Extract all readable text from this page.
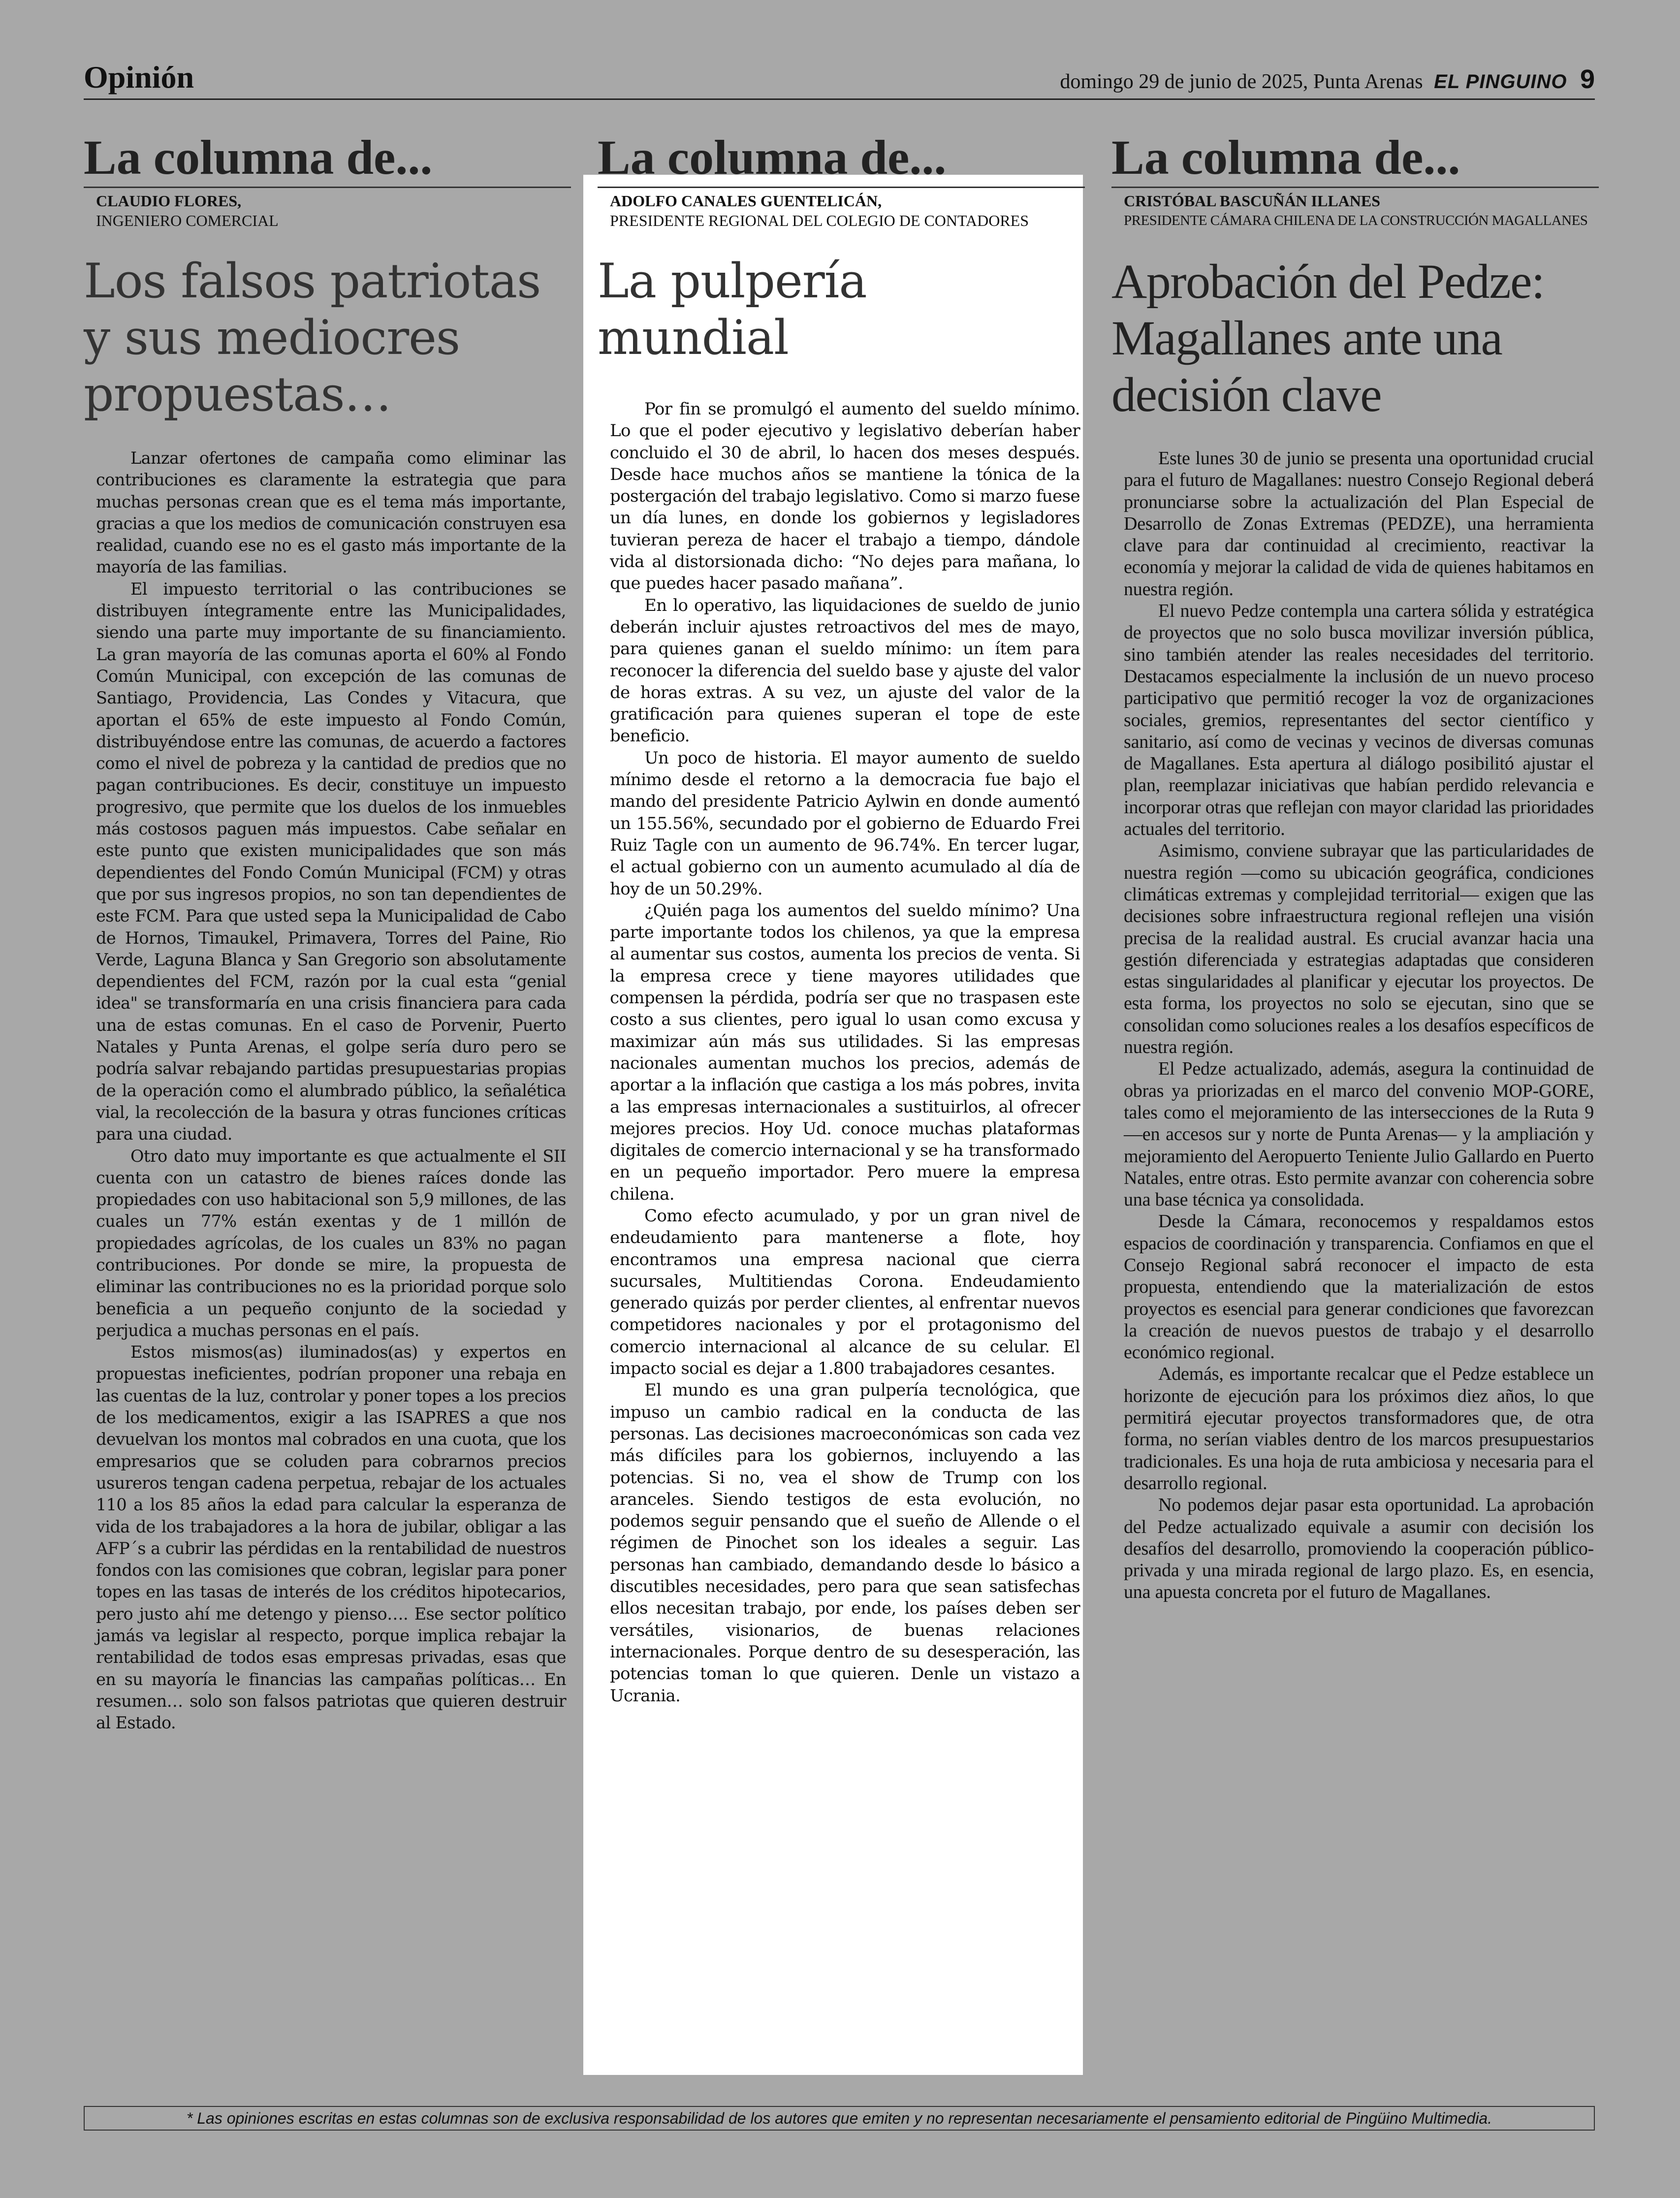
Opinión	domingo 29 de junio de 2025, Punta Arenas EL PINGUINO 9
La columna de...
CLAUDIO FLORES,
INGENIERO COMERCIAL
Los falsos patriotas y sus mediocres propuestas…

Lanzar ofertones de campaña como eliminar las contribuciones es claramente la estrategia que para muchas personas crean que es el tema más importante, gracias a que los medios de comunicación construyen esa realidad, cuando ese no es el gasto más importante de la mayoría de las familias.

El impuesto territorial o las contribuciones se distribuyen íntegramente entre las Municipalidades, siendo una parte muy importante de su financiamiento. La gran mayoría de las comunas aporta el 60% al Fondo Común Municipal, con excepción de las comunas de Santiago, Providencia, Las Condes y Vitacura, que aportan el 65% de este impuesto al Fondo Común, distribuyéndose entre las comunas, de acuerdo a factores como el nivel de pobreza y la cantidad de predios que no pagan contribuciones. Es decir, constituye un impuesto progresivo, que permite que los duelos de los inmuebles más costosos paguen más impuestos. Cabe señalar en este punto que existen municipalidades que son más dependientes del Fondo Común Municipal (FCM) y otras que por sus ingresos propios, no son tan dependientes de este FCM. Para que usted sepa la Municipalidad de Cabo de Hornos, Timaukel, Primavera, Torres del Paine, Rio Verde, Laguna Blanca y San Gregorio son absolutamente dependientes del FCM, razón por la cual esta “genial idea" se transformaría en una crisis financiera para cada una de estas comunas. En el caso de Porvenir, Puerto Natales y Punta Arenas, el golpe sería duro pero se podría salvar rebajando partidas presupuestarias propias de la operación como el alumbrado público, la señalética vial, la recolección de la basura y otras funciones críticas para una ciudad.

Otro dato muy importante es que actualmente el SII cuenta con un catastro de bienes raíces donde las propiedades con uso habitacional son 5,9 millones, de las cuales un 77% están exentas y de 1 millón de propiedades agrícolas, de los cuales un 83% no pagan contribuciones. Por donde se mire, la propuesta de eliminar las contribuciones no es la prioridad porque solo beneficia a un pequeño conjunto de la sociedad y perjudica a muchas personas en el país.

Estos mismos(as) iluminados(as) y expertos en propuestas ineficientes, podrían proponer una rebaja en las cuentas de la luz, controlar y poner topes a los precios de los medicamentos, exigir a las ISAPRES a que nos devuelvan los montos mal cobrados en una cuota, que los empresarios que se coluden para cobrarnos precios usureros tengan cadena perpetua, rebajar de los actuales 110 a los 85 años la edad para calcular la esperanza de vida de los trabajadores a la hora de jubilar, obligar a las AFP´s a cubrir las pérdidas en la rentabilidad de nuestros fondos con las comisiones que cobran, legislar para poner topes en las tasas de interés de los créditos hipotecarios, pero justo ahí me detengo y pienso…. Ese sector político jamás va legislar al respecto, porque implica rebajar la rentabilidad de todos esas empresas privadas, esas que en su mayoría le financias las campañas políticas… En resumen… solo son falsos patriotas que quieren destruir al Estado.

La columna de...
ADOLFO CANALES GUENTELICÁN,
PRESIDENTE REGIONAL DEL COLEGIO DE CONTADORES
La pulpería mundial

Por fin se promulgó el aumento del sueldo mínimo. Lo que el poder ejecutivo y legislativo deberían haber concluido el 30 de abril, lo hacen dos meses después. Desde hace muchos años se mantiene la tónica de la postergación del trabajo legislativo. Como si marzo fuese un día lunes, en donde los gobiernos y legisladores tuvieran pereza de hacer el trabajo a tiempo, dándole vida al distorsionada dicho: “No dejes para mañana, lo que puedes hacer pasado mañana”.

En lo operativo, las liquidaciones de sueldo de junio deberán incluir ajustes retroactivos del mes de mayo, para quienes ganan el sueldo mínimo: un ítem para reconocer la diferencia del sueldo base y ajuste del valor de horas extras. A su vez, un ajuste del valor de la gratificación para quienes superan el tope de este beneficio.

Un poco de historia. El mayor aumento de sueldo mínimo desde el retorno a la democracia fue bajo el mando del presidente Patricio Aylwin en donde aumentó un 155.56%, secundado por el gobierno de Eduardo Frei Ruiz Tagle con un aumento de 96.74%. En tercer lugar, el actual gobierno con un aumento acumulado al día de hoy de un 50.29%.

¿Quién paga los aumentos del sueldo mínimo? Una parte importante todos los chilenos, ya que la empresa al aumentar sus costos, aumenta los precios de venta. Si la empresa crece y tiene mayores utilidades que compensen la pérdida, podría ser que no traspasen este costo a sus clientes, pero igual lo usan como excusa y maximizar aún más sus utilidades. Si las empresas nacionales aumentan muchos los precios, además de aportar a la inflación que castiga a los más pobres, invita a las empresas internacionales a sustituirlos, al ofrecer mejores precios. Hoy Ud. conoce muchas plataformas digitales de comercio internacional y se ha transformado en un pequeño importador. Pero muere la empresa chilena.

Como efecto acumulado, y por un gran nivel de endeudamiento para mantenerse a flote, hoy encontramos una empresa nacional que cierra sucursales, Multitiendas Corona. Endeudamiento generado quizás por perder clientes, al enfrentar nuevos competidores nacionales y por el protagonismo del comercio internacional al alcance de su celular. El impacto social es dejar a 1.800 trabajadores cesantes.

El mundo es una gran pulpería tecnológica, que impuso un cambio radical en la conducta de las personas. Las decisiones macroeconómicas son cada vez más difíciles para los gobiernos, incluyendo a las potencias. Si no, vea el show de Trump con los aranceles. Siendo testigos de esta evolución, no podemos seguir pensando que el sueño de Allende o el régimen de Pinochet son los ideales a seguir. Las personas han cambiado, demandando desde lo básico a discutibles necesidades, pero para que sean satisfechas ellos necesitan trabajo, por ende, los países deben ser versátiles, visionarios, de buenas relaciones internacionales. Porque dentro de su desesperación, las potencias toman lo que quieren. Denle un vistazo a Ucrania.

La columna de...
CRISTÓBAL BASCUÑÁN ILLANES
PRESIDENTE CÁMARA CHILENA DE LA CONSTRUCCIÓN MAGALLANES
Aprobación del Pedze: Magallanes ante una decisión clave

Este lunes 30 de junio se presenta una oportunidad crucial para el futuro de Magallanes: nuestro Consejo Regional deberá pronunciarse sobre la actualización del Plan Especial de Desarrollo de Zonas Extremas (PEDZE), una herramienta clave para dar continuidad al crecimiento, reactivar la economía y mejorar la calidad de vida de quienes habitamos en nuestra región.

El nuevo Pedze contempla una cartera sólida y estratégica de proyectos que no solo busca movilizar inversión pública, sino también atender las reales necesidades del territorio. Destacamos especialmente la inclusión de un nuevo proceso participativo que permitió recoger la voz de organizaciones sociales, gremios, representantes del sector científico y sanitario, así como de vecinas y vecinos de diversas comunas de Magallanes. Esta apertura al diálogo posibilitó ajustar el plan, reemplazar iniciativas que habían perdido relevancia e incorporar otras que reflejan con mayor claridad las prioridades actuales del territorio.

Asimismo, conviene subrayar que las particularidades de nuestra región —como su ubicación geográfica, condiciones climáticas extremas y complejidad territorial— exigen que las decisiones sobre infraestructura regional reflejen una visión precisa de la realidad austral. Es crucial avanzar hacia una gestión diferenciada y estrategias adaptadas que consideren estas singularidades al planificar y ejecutar los proyectos. De esta forma, los proyectos no solo se ejecutan, sino que se consolidan como soluciones reales a los desafíos específicos de nuestra región.

El Pedze actualizado, además, asegura la continuidad de obras ya priorizadas en el marco del convenio MOP-GORE, tales como el mejoramiento de las intersecciones de la Ruta 9 —en accesos sur y norte de Punta Arenas— y la ampliación y mejoramiento del Aeropuerto Teniente Julio Gallardo en Puerto Natales, entre otras. Esto permite avanzar con coherencia sobre una base técnica ya consolidada.

Desde la Cámara, reconocemos y respaldamos estos espacios de coordinación y transparencia. Confiamos en que el Consejo Regional sabrá reconocer el impacto de esta propuesta, entendiendo que la materialización de estos proyectos es esencial para generar condiciones que favorezcan la creación de nuevos puestos de trabajo y el desarrollo económico regional.

Además, es importante recalcar que el Pedze establece un horizonte de ejecución para los próximos diez años, lo que permitirá ejecutar proyectos transformadores que, de otra forma, no serían viables dentro de los marcos presupuestarios tradicionales. Es una hoja de ruta ambiciosa y necesaria para el desarrollo regional.

No podemos dejar pasar esta oportunidad. La aprobación del Pedze actualizado equivale a asumir con decisión los desafíos del desarrollo, promoviendo la cooperación público-privada y una mirada regional de largo plazo. Es, en esencia, una apuesta concreta por el futuro de Magallanes.

* Las opiniones escritas en estas columnas son de exclusiva responsabilidad de los autores que emiten y no representan necesariamente el pensamiento editorial de Pingüino Multimedia.
